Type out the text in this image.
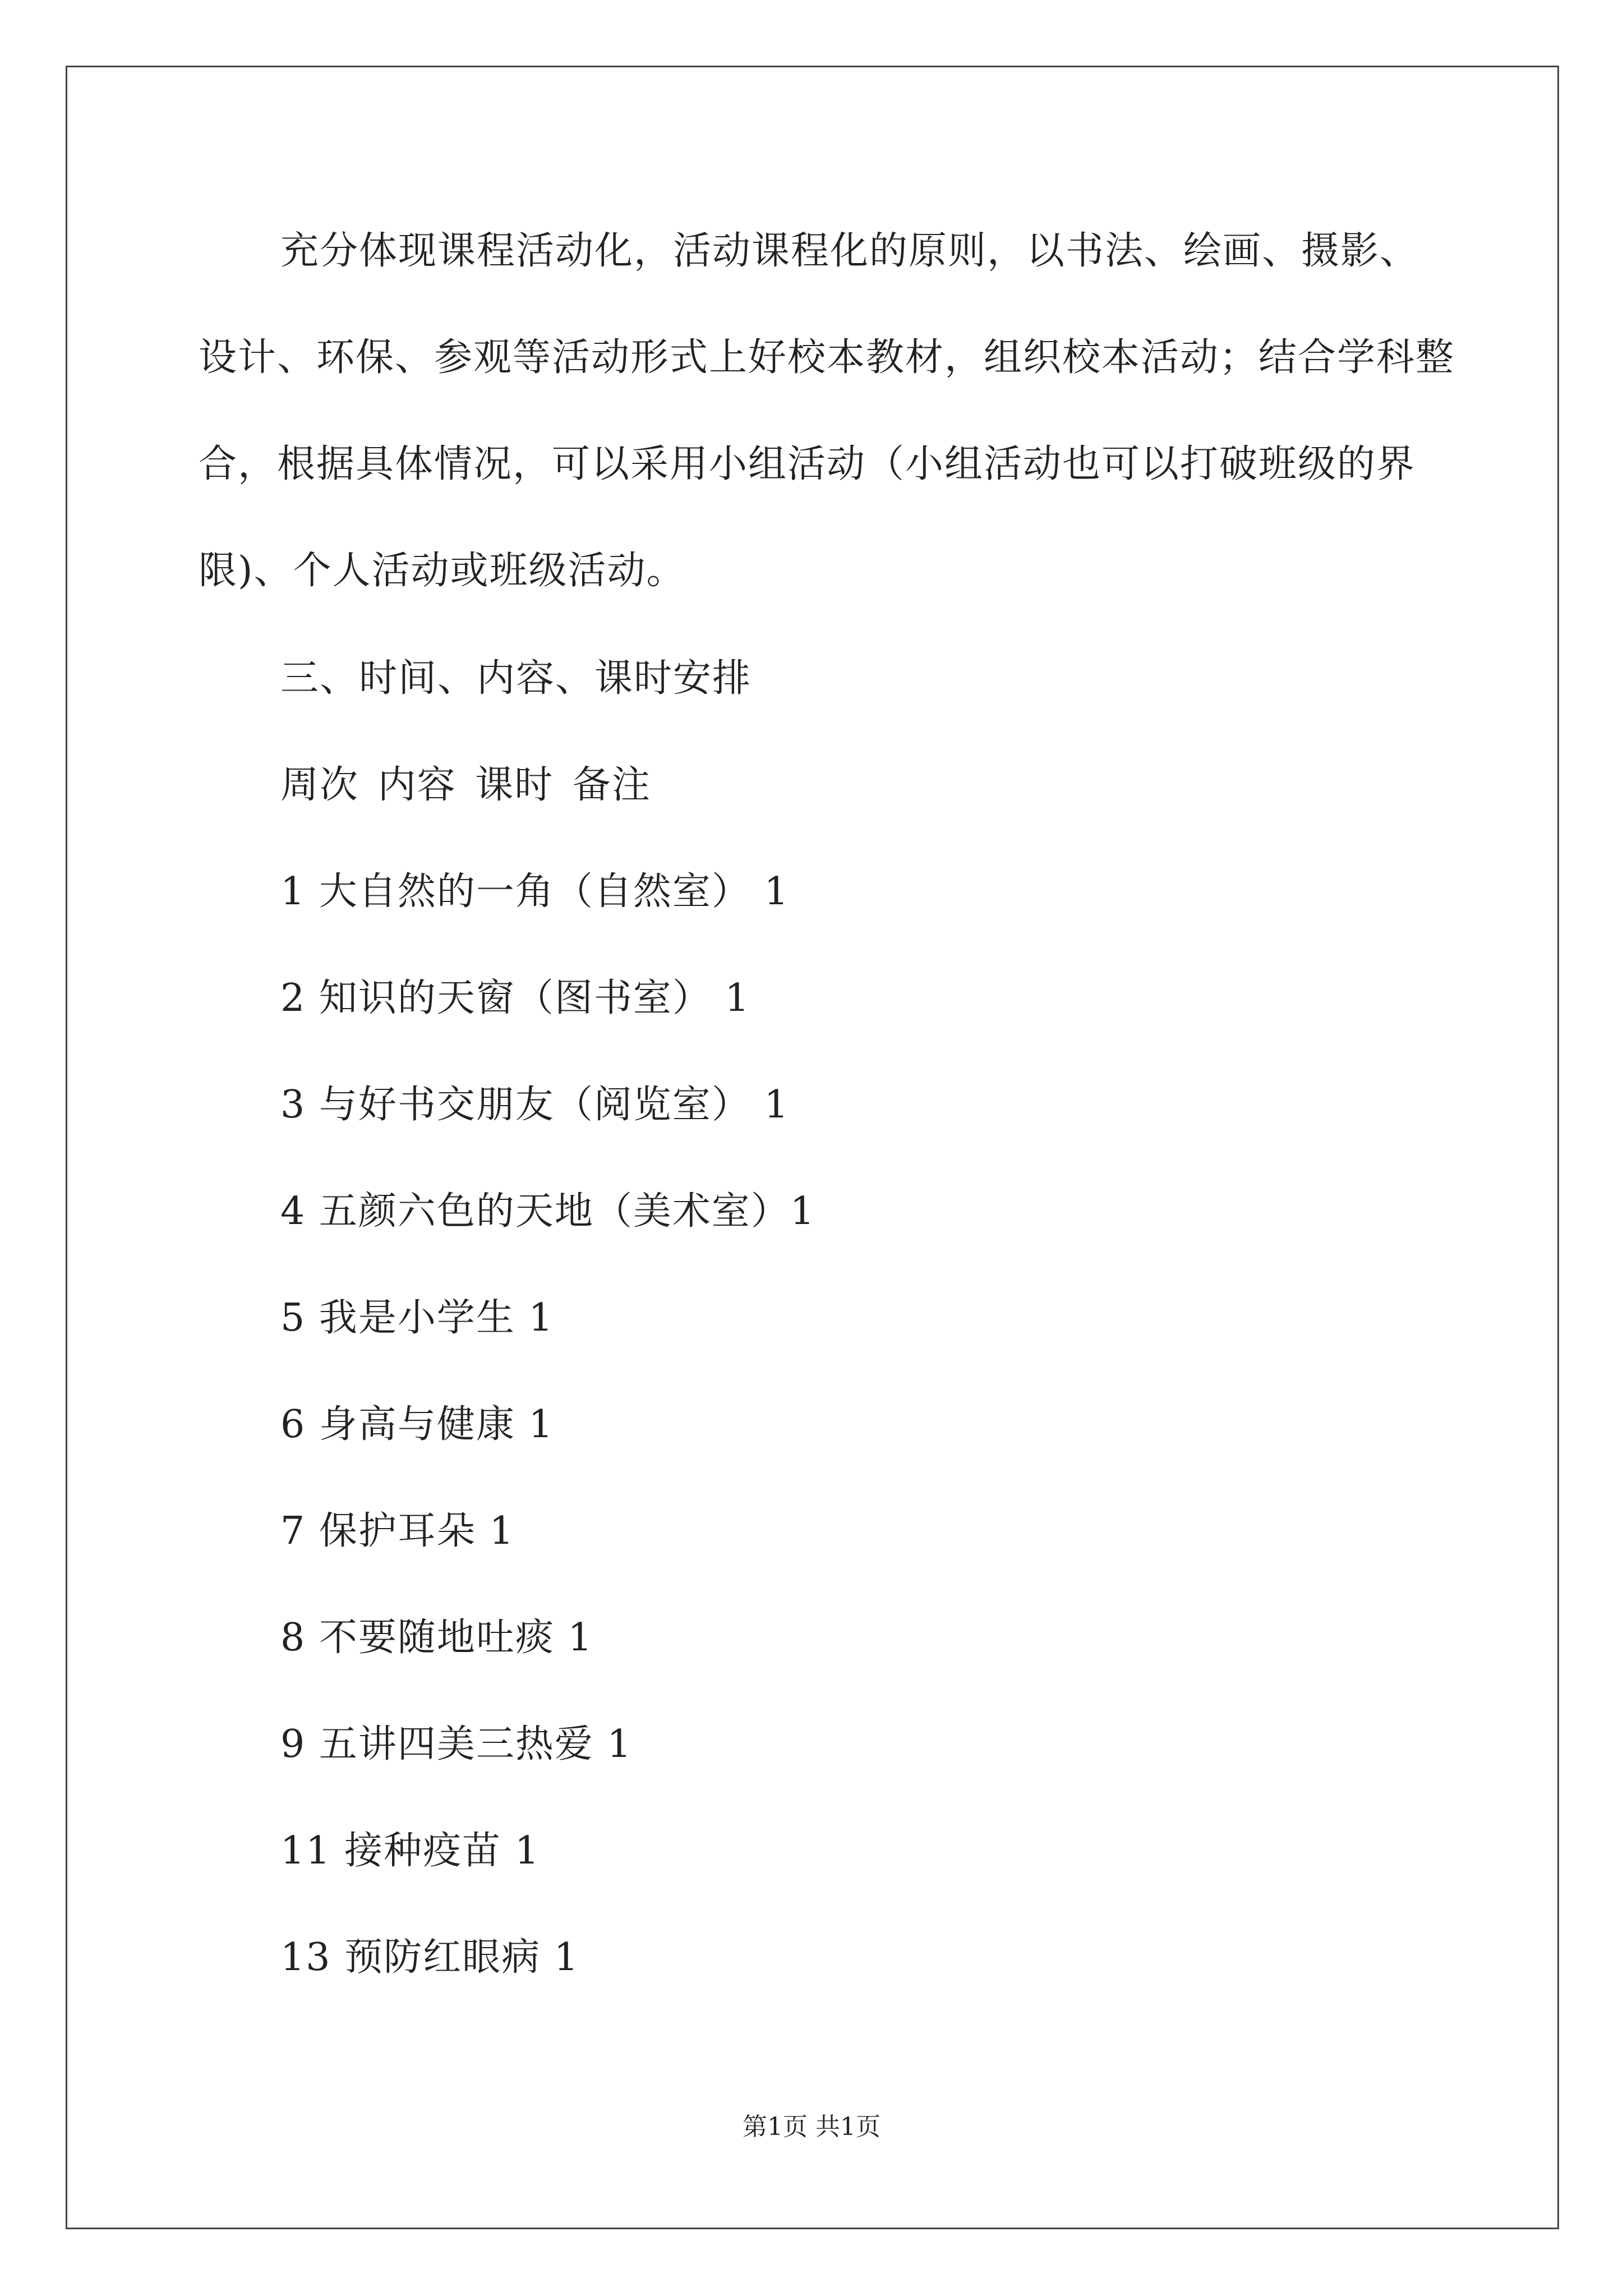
充分体现课程活动化，活动课程化的原则，以书法、绘画、摄影、设计、环保、参观等活动形式上好校本教材，组织校本活动；结合学科整合，根据具体情况，可以采用小组活动（小组活动也可以打破班级的界限)、个人活动或班级活动。
三、时间、内容、课时安排
周次 内容 课时 备注
1 大自然的一角（自然室） 1
2 知识的天窗（图书室） 1
3 与好书交朋友（阅览室） 1
4 五颜六色的天地（美术室）1
5 我是小学生 1
6 身高与健康 1
7 保护耳朵 1
8 不要随地吐痰 1
9 五讲四美三热爱 1
11 接种疫苗 1
13 预防红眼病 1
第1页 共1页
